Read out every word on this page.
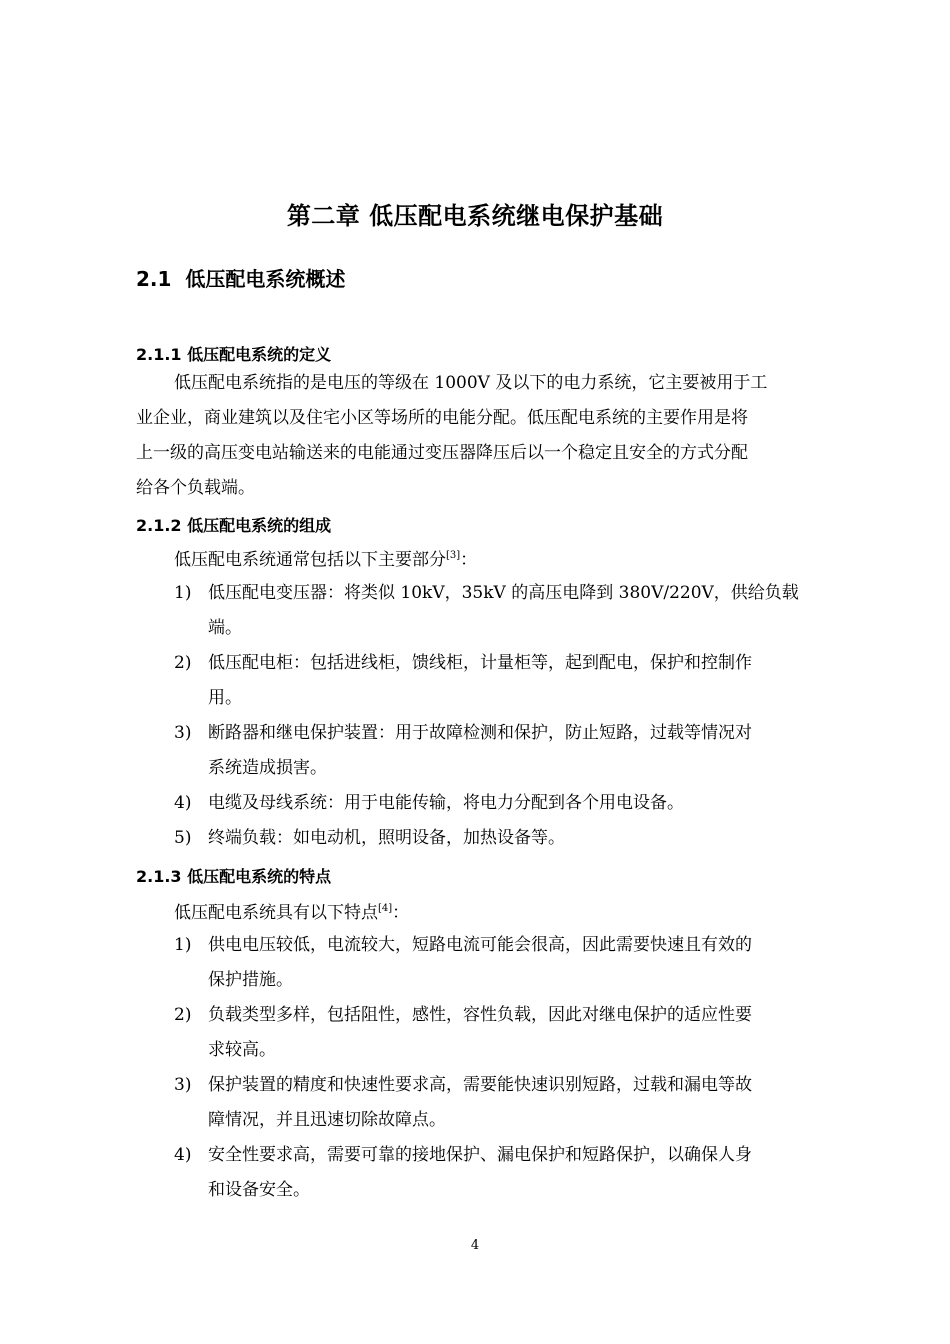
第二章 低压配电系统继电保护基础
2.1 低压配电系统概述
2.1.1 低压配电系统的定义
低压配电系统指的是电压的等级在 1000V 及以下的电力系统，它主要被用于工
业企业，商业建筑以及住宅小区等场所的电能分配。低压配电系统的主要作用是将
上一级的高压变电站输送来的电能通过变压器降压后以一个稳定且安全的方式分配
给各个负载端。
2.1.2 低压配电系统的组成
低压配电系统通常包括以下主要部分[3]：
1) 低压配电变压器：将类似 10kV，35kV 的高压电降到 380V/220V，供给负载
端。
2) 低压配电柜：包括进线柜，馈线柜，计量柜等，起到配电，保护和控制作
用。
3) 断路器和继电保护装置：用于故障检测和保护，防止短路，过载等情况对
系统造成损害。
4) 电缆及母线系统：用于电能传输，将电力分配到各个用电设备。
5) 终端负载：如电动机，照明设备，加热设备等。
2.1.3 低压配电系统的特点
低压配电系统具有以下特点[4]：
1) 供电电压较低，电流较大，短路电流可能会很高，因此需要快速且有效的
保护措施。
2) 负载类型多样，包括阻性，感性，容性负载，因此对继电保护的适应性要
求较高。
3) 保护装置的精度和快速性要求高，需要能快速识别短路，过载和漏电等故
障情况，并且迅速切除故障点。
4) 安全性要求高，需要可靠的接地保护、漏电保护和短路保护，以确保人身
和设备安全。
4
